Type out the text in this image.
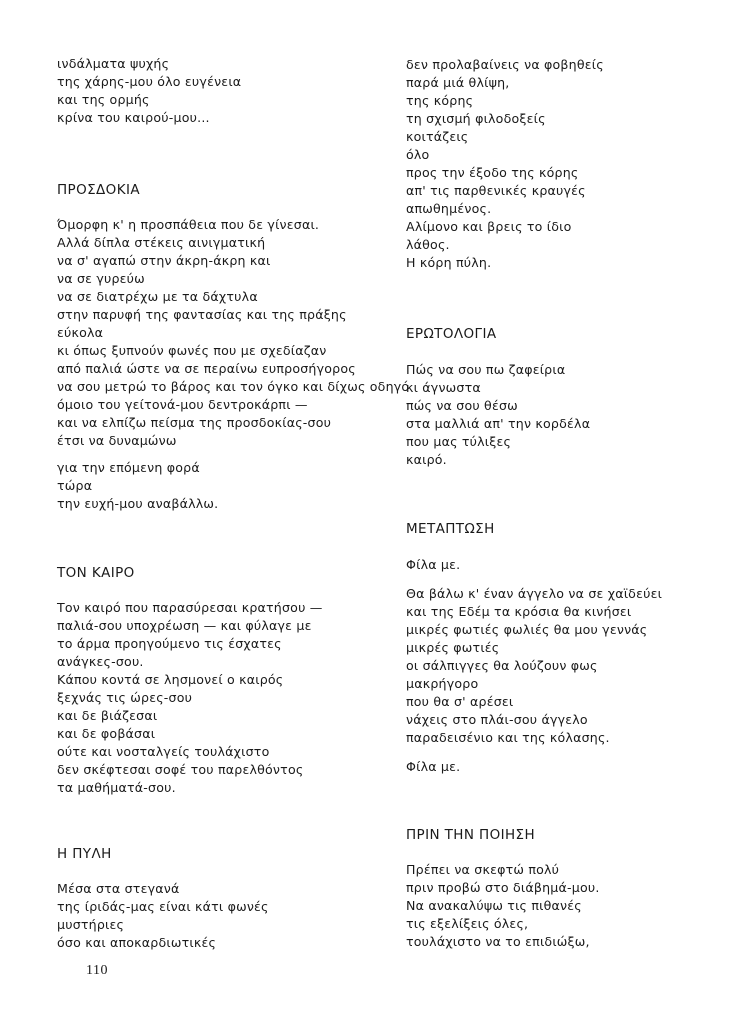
ινδάλματα ψυχής
της χάρης-μου όλο ευγένεια
και της ορμής
κρίνα του καιρού-μου...
ΠΡΟΣΔΟΚΙΑ
Όμορφη κ' η προσπάθεια που δε γίνεσαι.
Αλλά δίπλα στέκεις αινιγματική
να σ' αγαπώ στην άκρη-άκρη και
να σε γυρεύω
να σε διατρέχω με τα δάχτυλα
στην παρυφή της φαντασίας και της πράξης
εύκολα
κι όπως ξυπνούν φωνές που με σχεδίαζαν
από παλιά ώστε να σε περαίνω ευπροσήγορος
να σου μετρώ το βάρος και τον όγκο και δίχως οδηγό
όμοιο του γείτονά-μου δεντροκάρπι —
και να ελπίζω πείσμα της προσδοκίας-σου
έτσι να δυναμώνω
για την επόμενη φορά
τώρα
την ευχή-μου αναβάλλω.
ΤΟΝ ΚΑΙΡΟ
Τον καιρό που παρασύρεσαι κρατήσου —
παλιά-σου υποχρέωση — και φύλαγε με
το άρμα προηγούμενο τις έσχατες
ανάγκες-σου.
Κάπου κοντά σε λησμονεί ο καιρός
ξεχνάς τις ώρες-σου
και δε βιάζεσαι
και δε φοβάσαι
ούτε και νοσταλγείς τουλάχιστο
δεν σκέφτεσαι σοφέ του παρελθόντος
τα μαθήματά-σου.
Η ΠΥΛΗ
Μέσα στα στεγανά
της ίριδάς-μας είναι κάτι φωνές
μυστήριες
όσο και αποκαρδιωτικές
δεν προλαβαίνεις να φοβηθείς
παρά μιά θλίψη,
της κόρης
τη σχισμή φιλοδοξείς
κοιτάζεις
όλο
προς την έξοδο της κόρης
απ' τις παρθενικές κραυγές
απωθημένος.
Αλίμονο και βρεις το ίδιο
λάθος.
Η κόρη πύλη.
ΕΡΩΤΟΛΟΓΙΑ
Πώς να σου πω ζαφείρια
κι άγνωστα
πώς να σου θέσω
στα μαλλιά απ' την κορδέλα
που μας τύλιξες
καιρό.
ΜΕΤΑΠΤΩΣΗ
Φίλα με.
Θα βάλω κ' έναν άγγελο να σε χαϊδεύει
και της Εδέμ τα κρόσια θα κινήσει
μικρές φωτιές φωλιές θα μου γεννάς
μικρές φωτιές
οι σάλπιγγες θα λούζουν φως
μακρήγορο
που θα σ' αρέσει
νάχεις στο πλάι-σου άγγελο
παραδεισένιο και της κόλασης.
Φίλα με.
ΠΡΙΝ ΤΗΝ ΠΟΙΗΣΗ
Πρέπει να σκεφτώ πολύ
πριν προβώ στο διάβημά-μου.
Να ανακαλύψω τις πιθανές
τις εξελίξεις όλες,
τουλάχιστο να το επιδιώξω,
110
